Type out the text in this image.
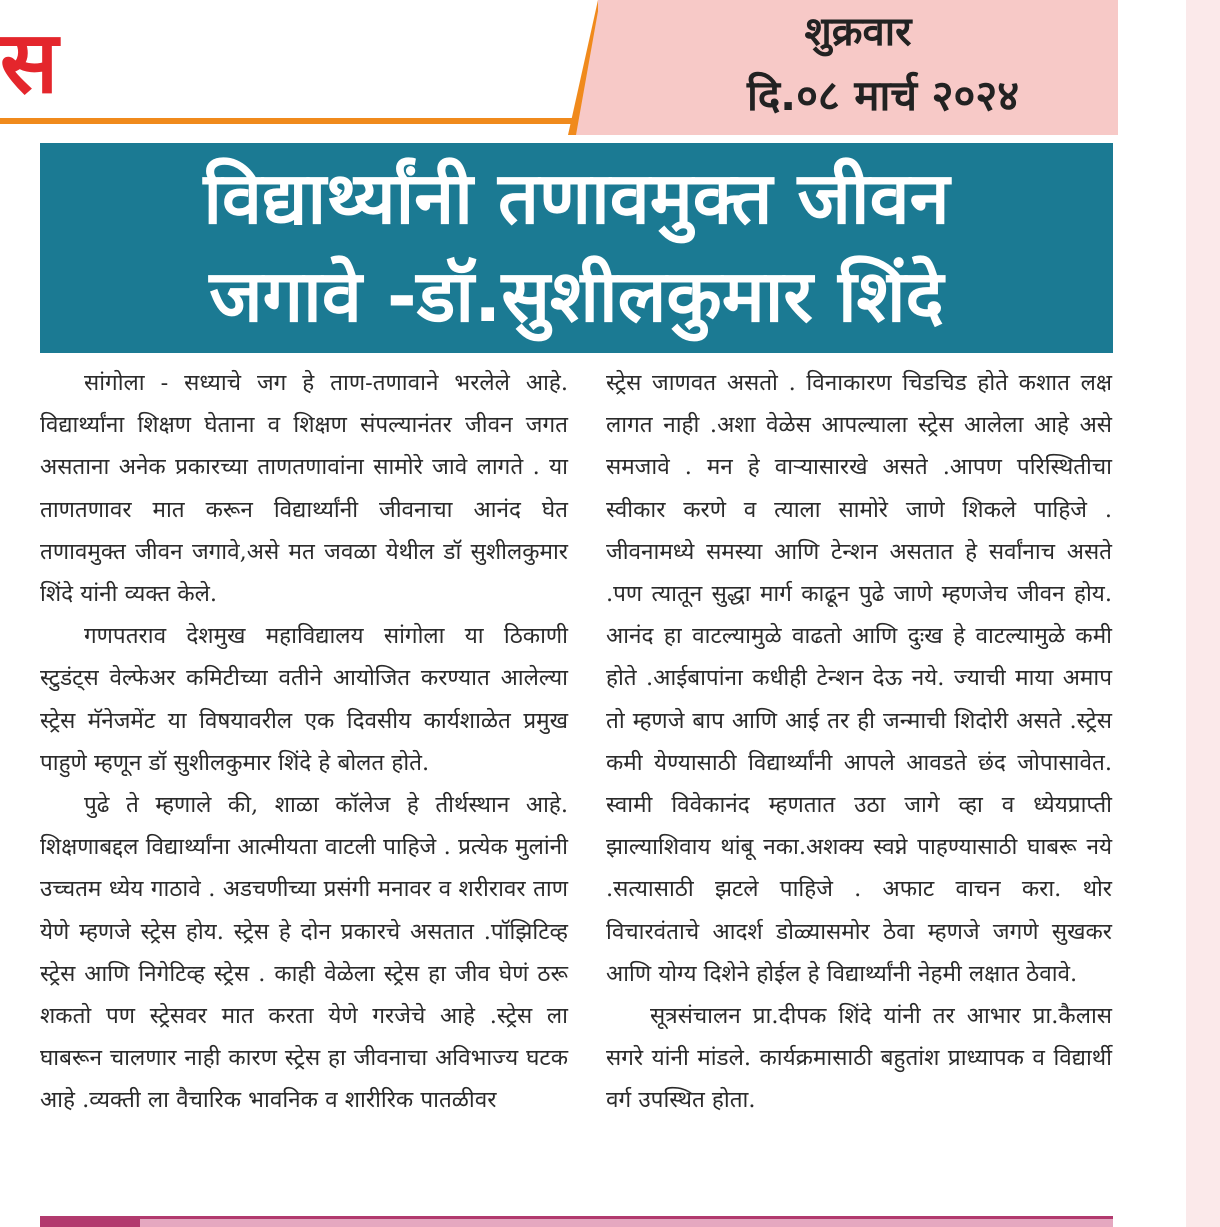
स	शुक्रवार
दि.०८ मार्च २०२४
विद्यार्थ्यांनी तणावमुक्त जीवन
जगावे -डॉ.सुशीलकुमार शिंदे

सांगोला - सध्याचे जग हे ताण-तणावाने भरलेले आहे. विद्यार्थ्यांना शिक्षण घेताना व शिक्षण संपल्यानंतर जीवन जगत असताना अनेक प्रकारच्या ताणतणावांना सामोरे जावे लागते . या ताणतणावर मात करून विद्यार्थ्यांनी जीवनाचा आनंद घेत तणावमुक्त जीवन जगावे,असे मत जवळा येथील डॉ सुशीलकुमार शिंदे यांनी व्यक्त केले.

गणपतराव देशमुख महाविद्यालय सांगोला या ठिकाणी स्टुडंट्स वेल्फेअर कमिटीच्या वतीने आयोजित करण्यात आलेल्या स्ट्रेस मॅनेजमेंट या विषयावरील एक दिवसीय कार्यशाळेत प्रमुख पाहुणे म्हणून डॉ सुशीलकुमार शिंदे हे बोलत होते.

पुढे ते म्हणाले की, शाळा कॉलेज हे तीर्थस्थान आहे. शिक्षणाबद्दल विद्यार्थ्यांना आत्मीयता वाटली पाहिजे . प्रत्येक मुलांनी उच्चतम ध्येय गाठावे . अडचणीच्या प्रसंगी मनावर व शरीरावर ताण येणे म्हणजे स्ट्रेस होय. स्ट्रेस हे दोन प्रकारचे असतात .पॉझिटिव्ह स्ट्रेस आणि निगेटिव्ह स्ट्रेस . काही वेळेला स्ट्रेस हा जीव घेणं ठरू शकतो पण स्ट्रेसवर मात करता येणे गरजेचे आहे .स्ट्रेस ला घाबरून चालणार नाही कारण स्ट्रेस हा जीवनाचा अविभाज्य घटक आहे .व्यक्ती ला वैचारिक भावनिक व शारीरिक पातळीवर

स्ट्रेस जाणवत असतो . विनाकारण चिडचिड होते कशात लक्ष लागत नाही .अशा वेळेस आपल्याला स्ट्रेस आलेला आहे असे समजावे . मन हे वाऱ्यासारखे असते .आपण परिस्थितीचा स्वीकार करणे व त्याला सामोरे जाणे शिकले पाहिजे . जीवनामध्ये समस्या आणि टेन्शन असतात हे सर्वांनाच असते .पण त्यातून सुद्धा मार्ग काढून पुढे जाणे म्हणजेच जीवन होय. आनंद हा वाटल्यामुळे वाढतो आणि दुःख हे वाटल्यामुळे कमी होते .आईबापांना कधीही टेन्शन देऊ नये. ज्याची माया अमाप तो म्हणजे बाप आणि आई तर ही जन्माची शिदोरी असते .स्ट्रेस कमी येण्यासाठी विद्यार्थ्यांनी आपले आवडते छंद जोपासावेत. स्वामी विवेकानंद म्हणतात उठा जागे व्हा व ध्येयप्राप्ती झाल्याशिवाय थांबू नका.अशक्य स्वप्ने पाहण्यासाठी घाबरू नये .सत्यासाठी झटले पाहिजे . अफाट वाचन करा. थोर विचारवंताचे आदर्श डोळ्यासमोर ठेवा म्हणजे जगणे सुखकर आणि योग्य दिशेने होईल हे विद्यार्थ्यांनी नेहमी लक्षात ठेवावे.

सूत्रसंचालन प्रा.दीपक शिंदे यांनी तर आभार प्रा.कैलास सगरे यांनी मांडले. कार्यक्रमासाठी बहुतांश प्राध्यापक व विद्यार्थी वर्ग उपस्थित होता.
